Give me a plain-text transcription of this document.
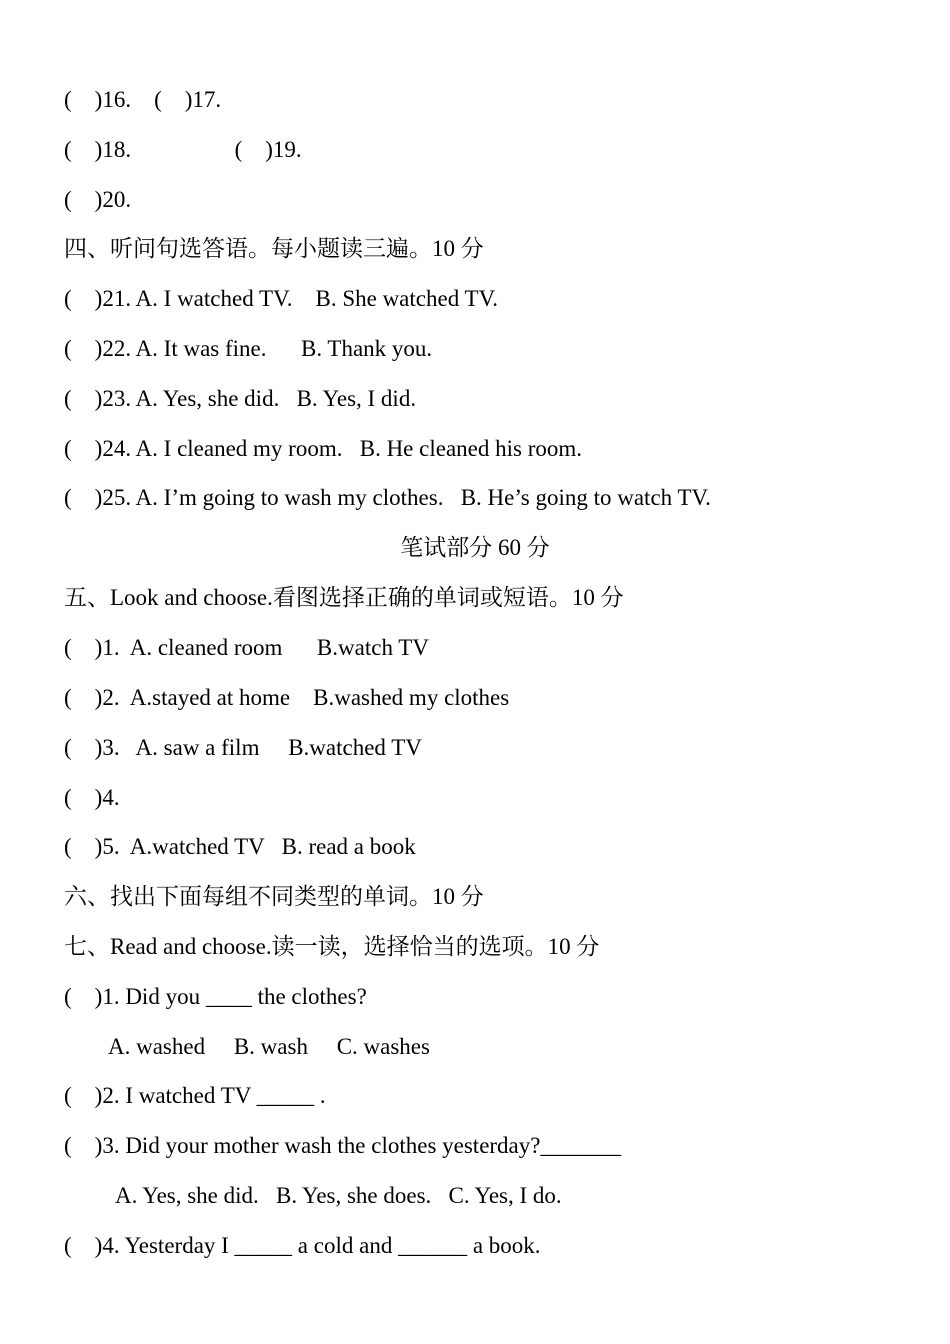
(    )16.    (    )17.
(    )18.                  (    )19.
(    )20.
四、听问句选答语。每小题读三遍。10 分
(    )21. A. I watched TV.    B. She watched TV.
(    )22. A. It was fine.      B. Thank you.
(    )23. A. Yes, she did.   B. Yes, I did.
(    )24. A. I cleaned my room.   B. He cleaned his room.
(    )25. A. I’m going to wash my clothes.   B. He’s going to watch TV.
笔试部分 60 分
五、Look and choose.看图选择正确的单词或短语。10 分
(    )1.  A. cleaned room      B.watch TV
(    )2.  A.stayed at home    B.washed my clothes
(    )3.   A. saw a film     B.watched TV
(    )4.
(    )5.  A.watched TV   B. read a book
六、找出下面每组不同类型的单词。10 分
七、Read and choose.读一读，选择恰当的选项。10 分
(    )1. Did you ____ the clothes?
A. washed     B. wash     C. washes
(    )2. I watched TV _____ .
(    )3. Did your mother wash the clothes yesterday?_______
A. Yes, she did.   B. Yes, she does.   C. Yes, I do.
(    )4. Yesterday I _____ a cold and ______ a book.
